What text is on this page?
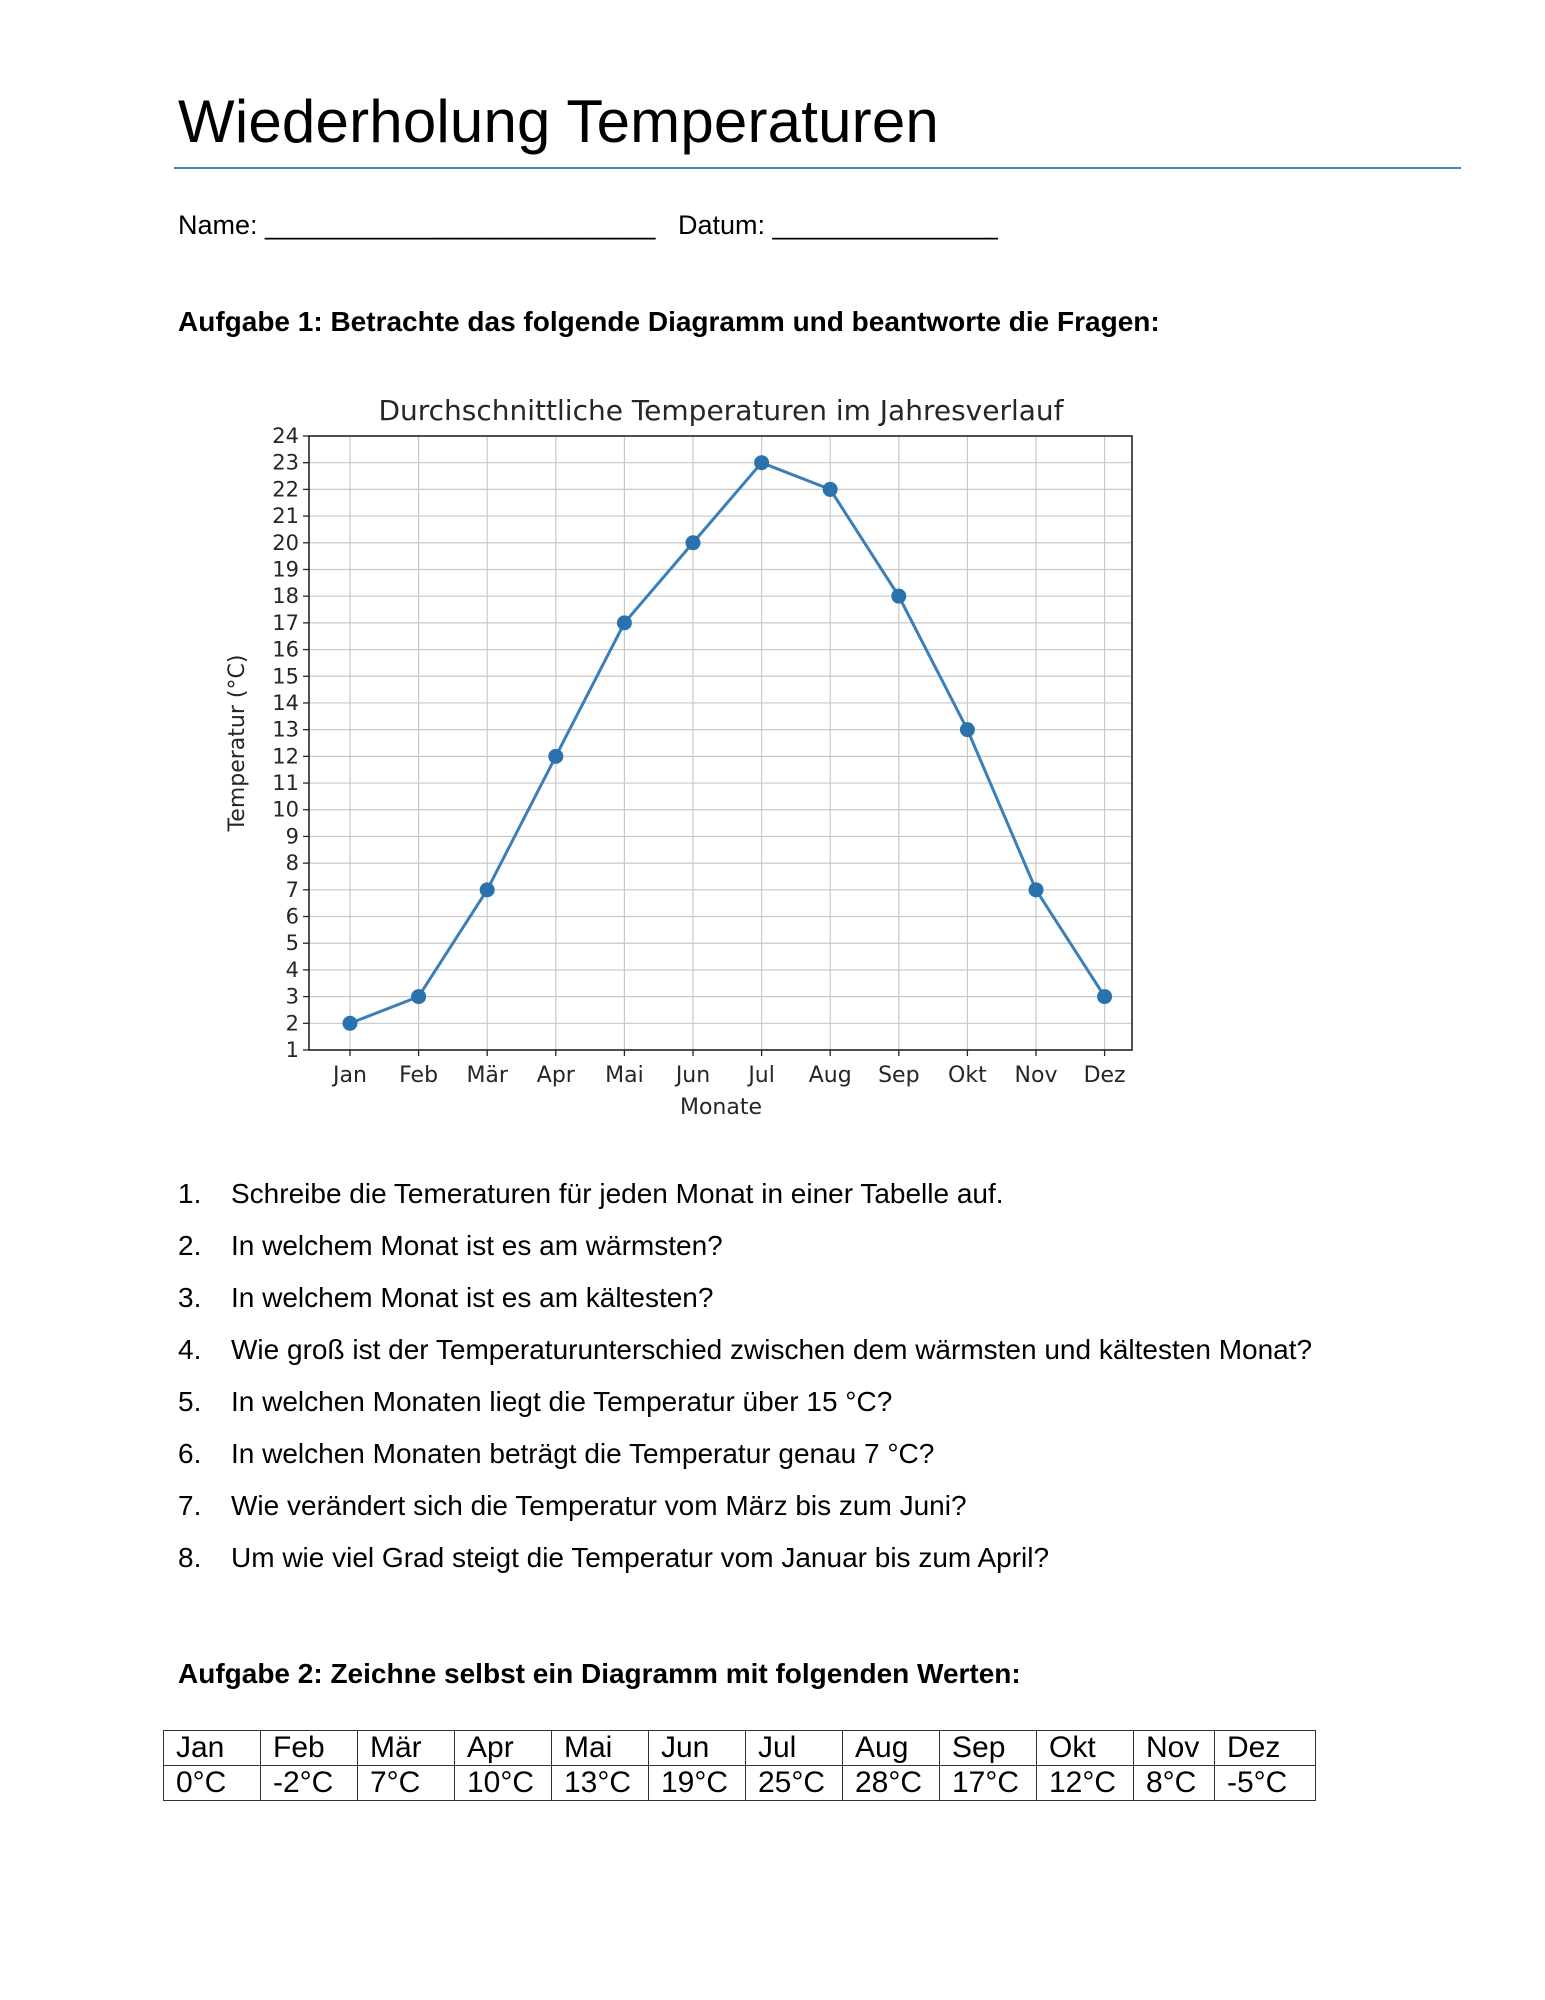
Wiederholung Temperaturen
Name: __________________________   Datum: _______________
Aufgabe 1: Betrachte das folgende Diagramm und beantworte die Fragen:
Durchschnittliche Temperaturen im Jahresverlauf
1
2
3
4
5
6
7
8
9
10
11
12
13
14
15
16
17
18
19
20
21
22
23
24
Jan Feb Mär Apr Mai Jun Jul Aug Sep Okt Nov Dez
Monate
Temperatur (°C)
1. Schreibe die Temeraturen für jeden Monat in einer Tabelle auf.
2. In welchem Monat ist es am wärmsten?
3. In welchem Monat ist es am kältesten?
4. Wie groß ist der Temperaturunterschied zwischen dem wärmsten und kältesten Monat?
5. In welchen Monaten liegt die Temperatur über 15 °C?
6. In welchen Monaten beträgt die Temperatur genau 7 °C?
7. Wie verändert sich die Temperatur vom März bis zum Juni?
8. Um wie viel Grad steigt die Temperatur vom Januar bis zum April?
Aufgabe 2: Zeichne selbst ein Diagramm mit folgenden Werten:
Jan	Feb	Mär	Apr	Mai	Jun	Jul	Aug	Sep	Okt	Nov	Dez
0°C	-2°C	7°C	10°C	13°C	19°C	25°C	28°C	17°C	12°C	8°C	-5°C
